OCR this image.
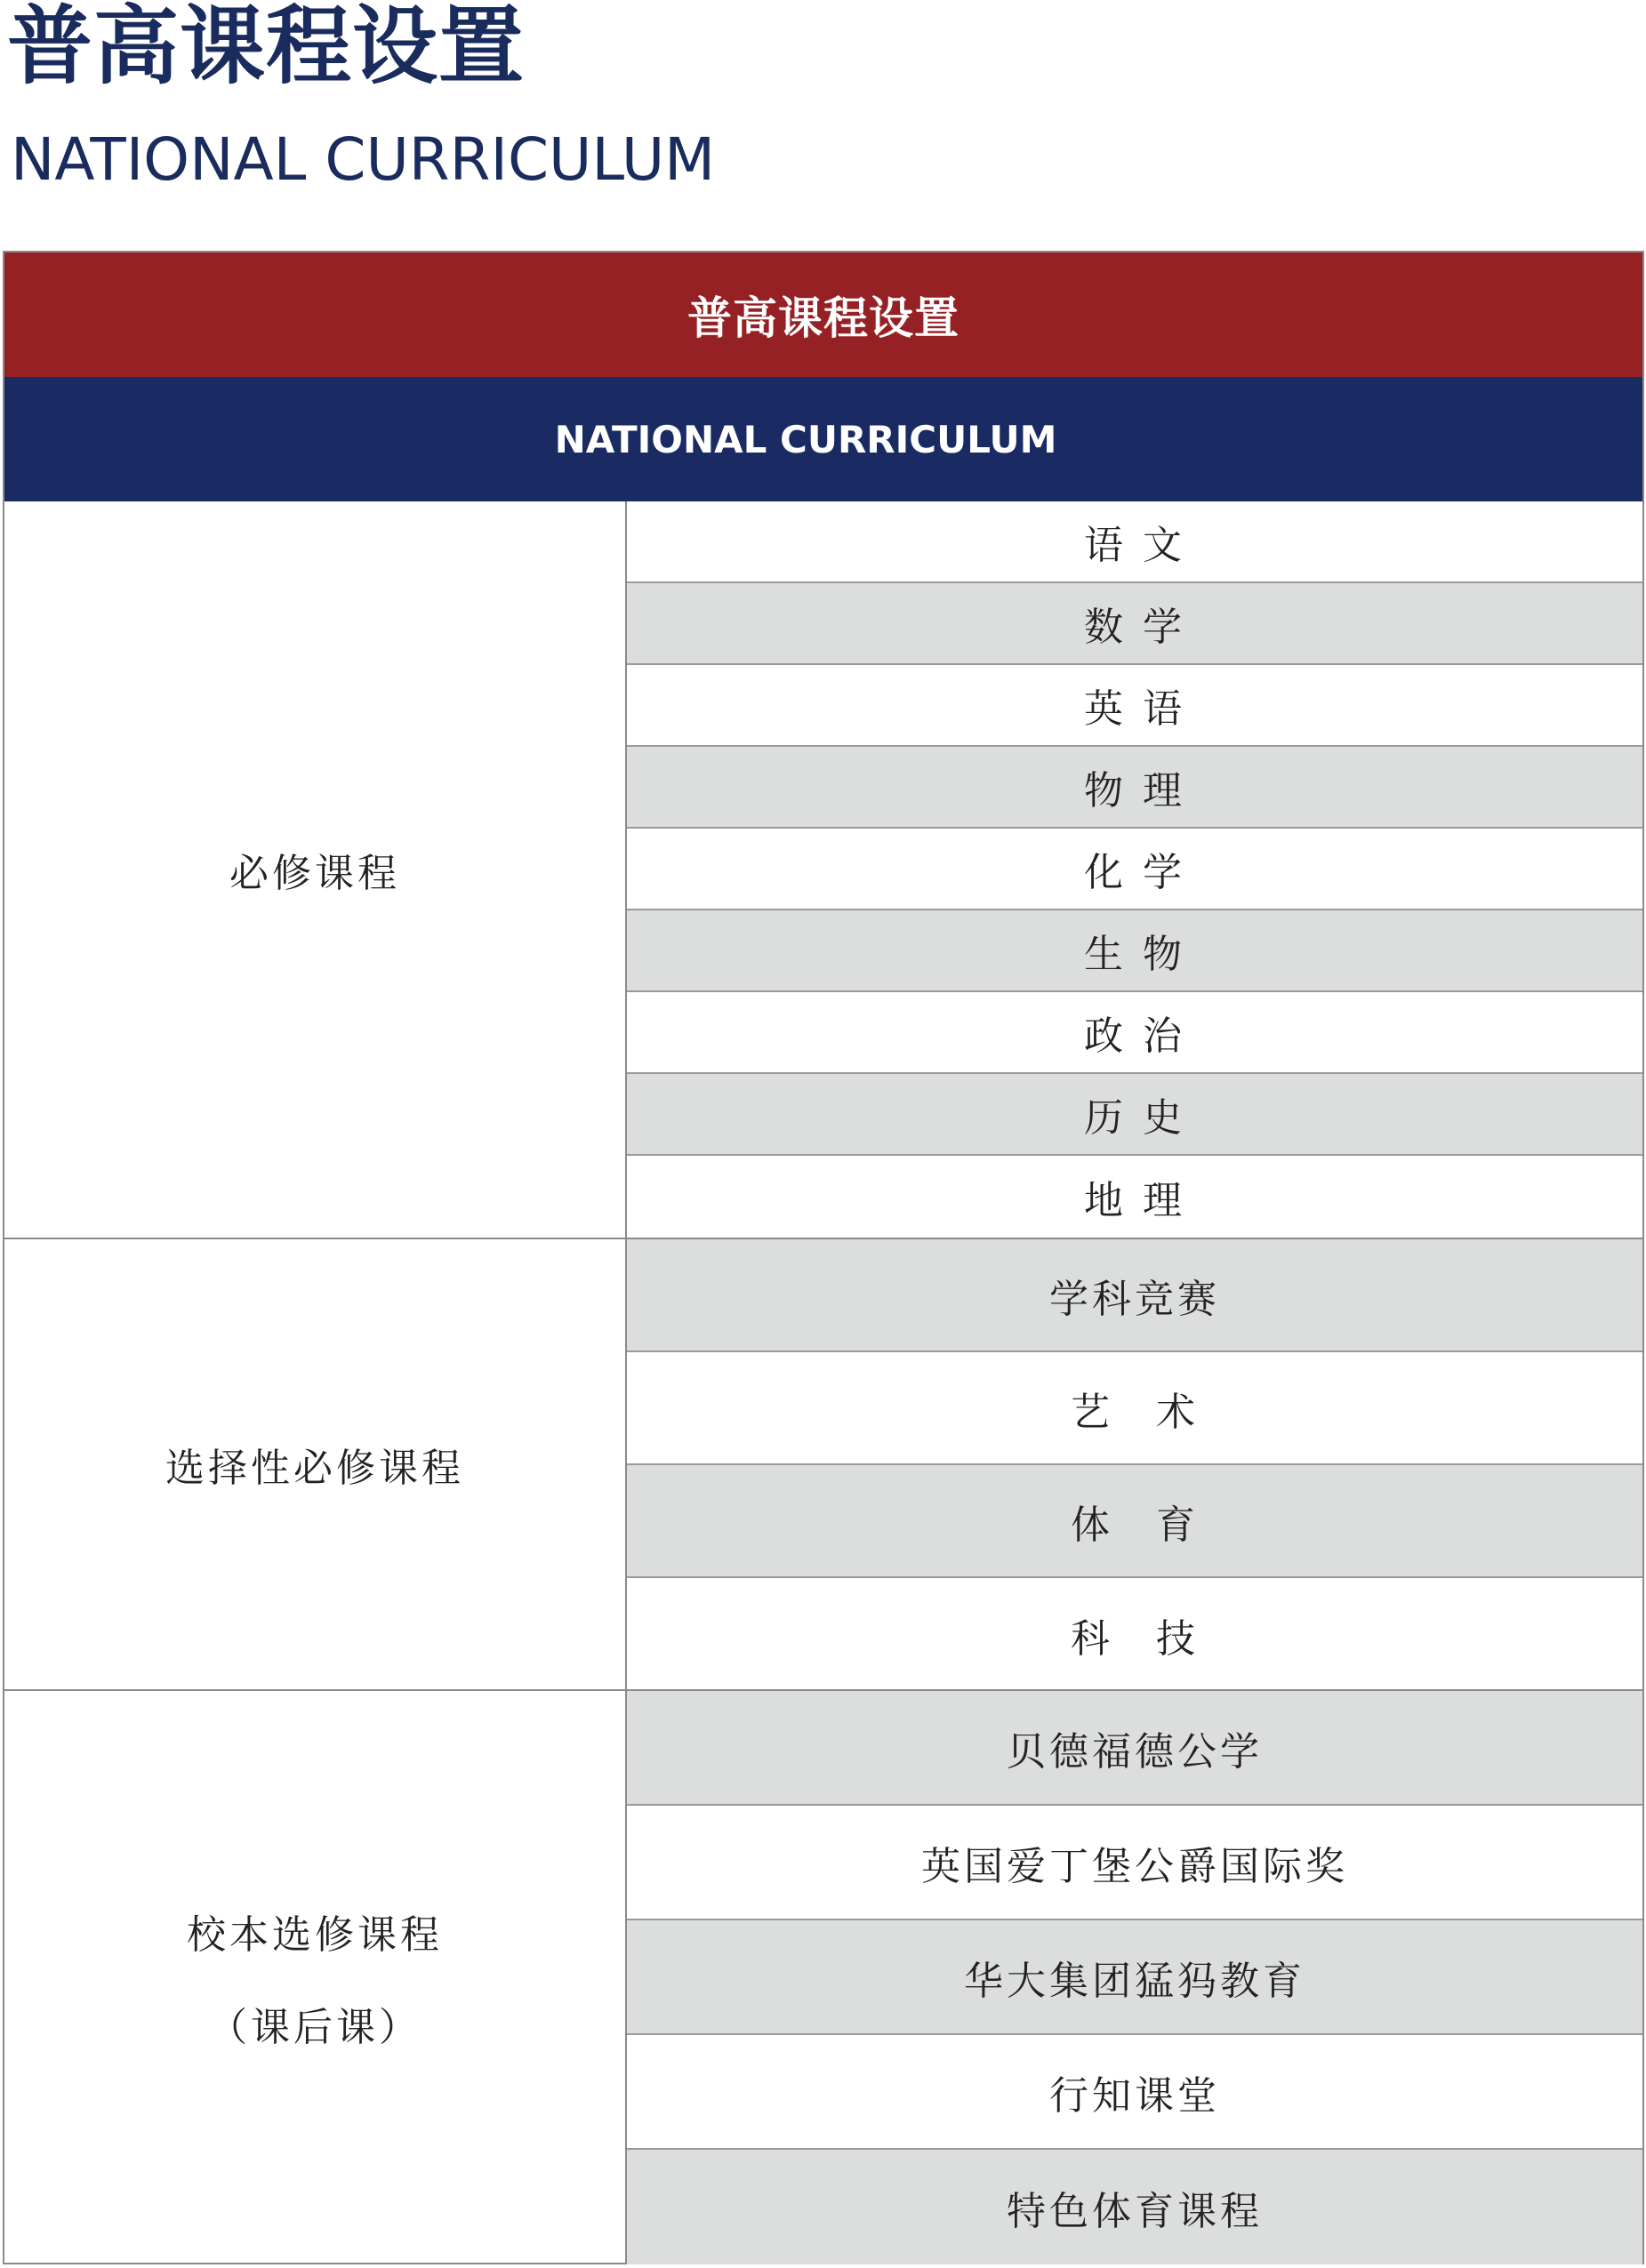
普高课程设置
NATIONAL CURRICULUM
普高课程设置
NATIONAL CURRICULUM
必修课程
语 文
数 学
英 语
物 理
化 学
生 物
政 治
历 史
地 理
选择性必修课程
学科竞赛
艺　术
体　育
科　技
校本选修课程
（课后课）
贝德福德公学
英国爱丁堡公爵国际奖
华大集团猛犸教育
行知课堂
特色体育课程
